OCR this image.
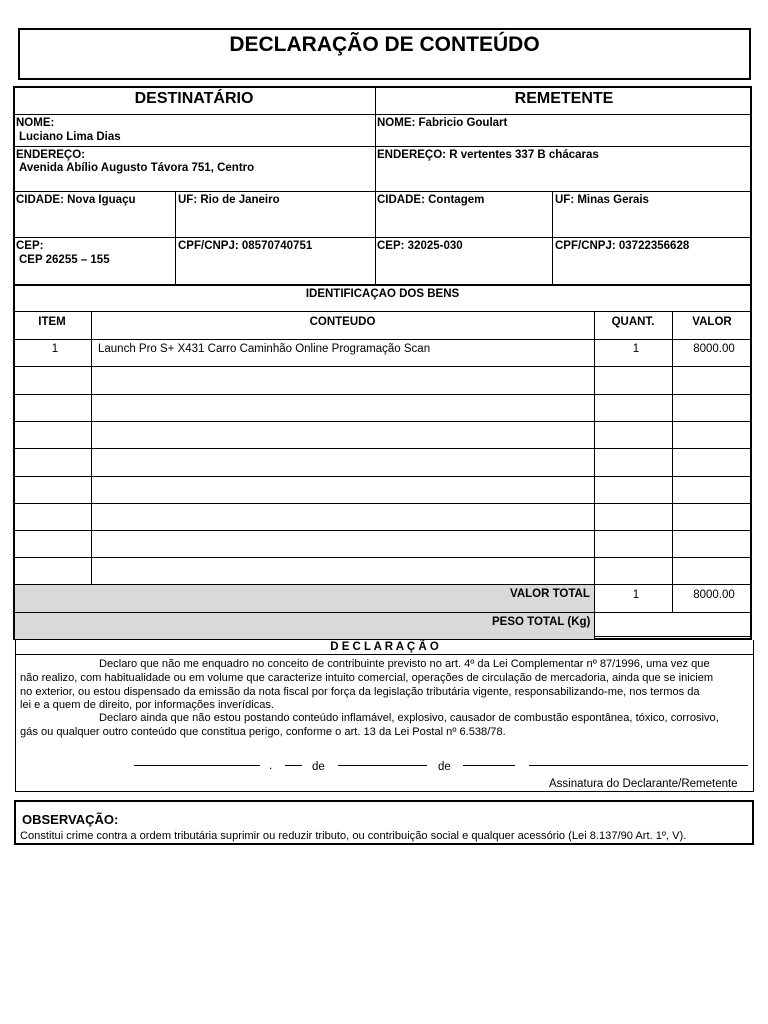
DECLARAÇÃO DE CONTEÚDO
DESTINATÁRIO	REMETENTE
NOME:
Luciano Lima Dias
NOME: Fabricio Goulart
ENDEREÇO:
Avenida Abílio Augusto Távora 751, Centro
ENDEREÇO: R vertentes 337 B chácaras
CIDADE: Nova Iguaçu	UF: Rio de Janeiro	CIDADE: Contagem	UF: Minas Gerais
CEP:
CEP 26255 – 155
CPF/CNPJ: 08570740751	CEP: 32025-030	CPF/CNPJ: 03722356628
IDENTIFICAÇAO DOS BENS
ITEM	CONTEUDO	QUANT.	VALOR
1	Launch Pro S+ X431 Carro Caminhão Online Programação Scan	1	8000.00
VALOR TOTAL	1	8000.00
PESO TOTAL (Kg)
D E C L A R A Ç Ã O
Declaro que não me enquadro no conceito de contribuinte previsto no art. 4º da Lei Complementar nº 87/1996, uma vez que
não realizo, com habitualidade ou em volume que caracterize intuito comercial, operações de circulação de mercadoria, ainda que se iniciem
no exterior, ou estou dispensado da emissão da nota fiscal por força da legislação tributária vigente, responsabilizando-me, nos termos da
lei e a quem de direito, por informações inverídicas.
Declaro ainda que não estou postando conteúdo inflamável, explosivo, causador de combustão espontânea, tóxico, corrosivo,
gás ou qualquer outro conteúdo que constitua perigo, conforme o art. 13 da Lei Postal nº 6.538/78.
.	de	de
Assinatura do Declarante/Remetente
OBSERVAÇÃO:
Constitui crime contra a ordem tributária suprimir ou reduzir tributo, ou contribuição social e qualquer acessório (Lei 8.137/90 Art. 1º, V).
